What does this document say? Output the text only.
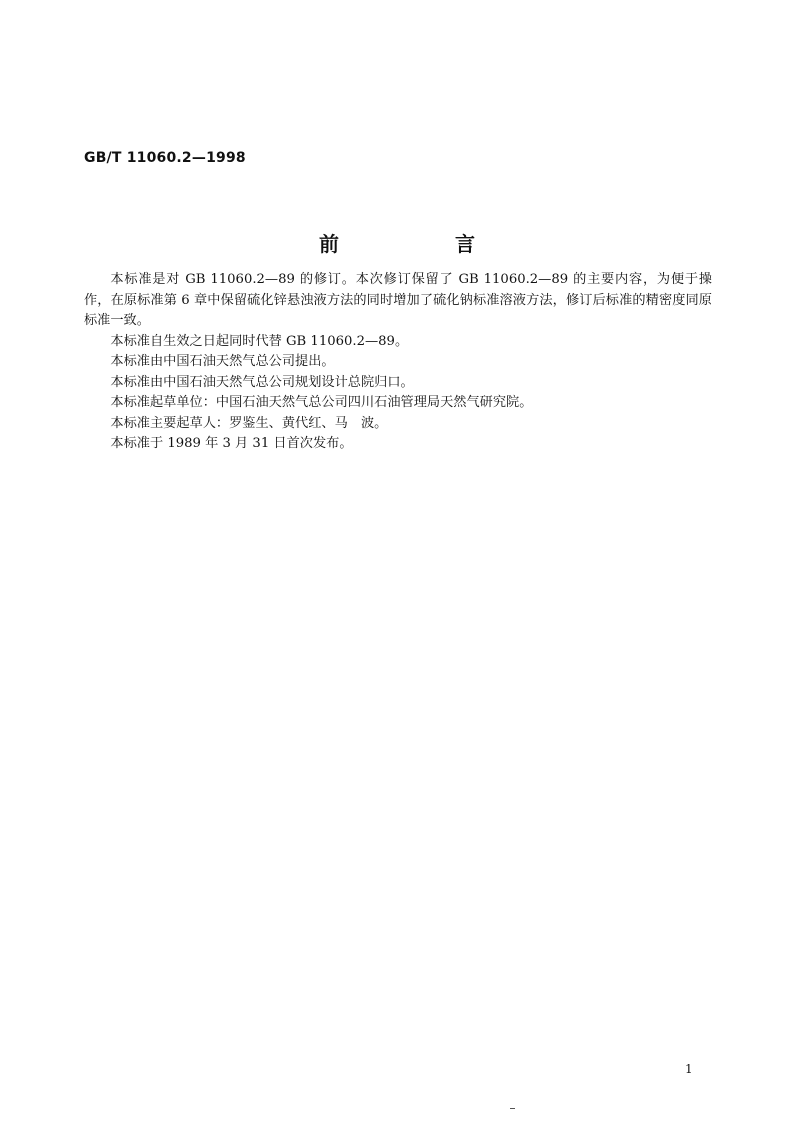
GB/T 11060.2—1998
前　言

本标准是对 GB 11060.2—89 的修订。本次修订保留了 GB 11060.2—89 的主要内容，为便于操作，在原标准第 6 章中保留硫化锌悬浊液方法的同时增加了硫化钠标准溶液方法，修订后标准的精密度同原标准一致。

本标准自生效之日起同时代替 GB 11060.2—89。

本标准由中国石油天然气总公司提出。

本标准由中国石油天然气总公司规划设计总院归口。

本标准起草单位：中国石油天然气总公司四川石油管理局天然气研究院。

本标准主要起草人：罗鉴生、黄代红、马　波。

本标准于 1989 年 3 月 31 日首次发布。

1
